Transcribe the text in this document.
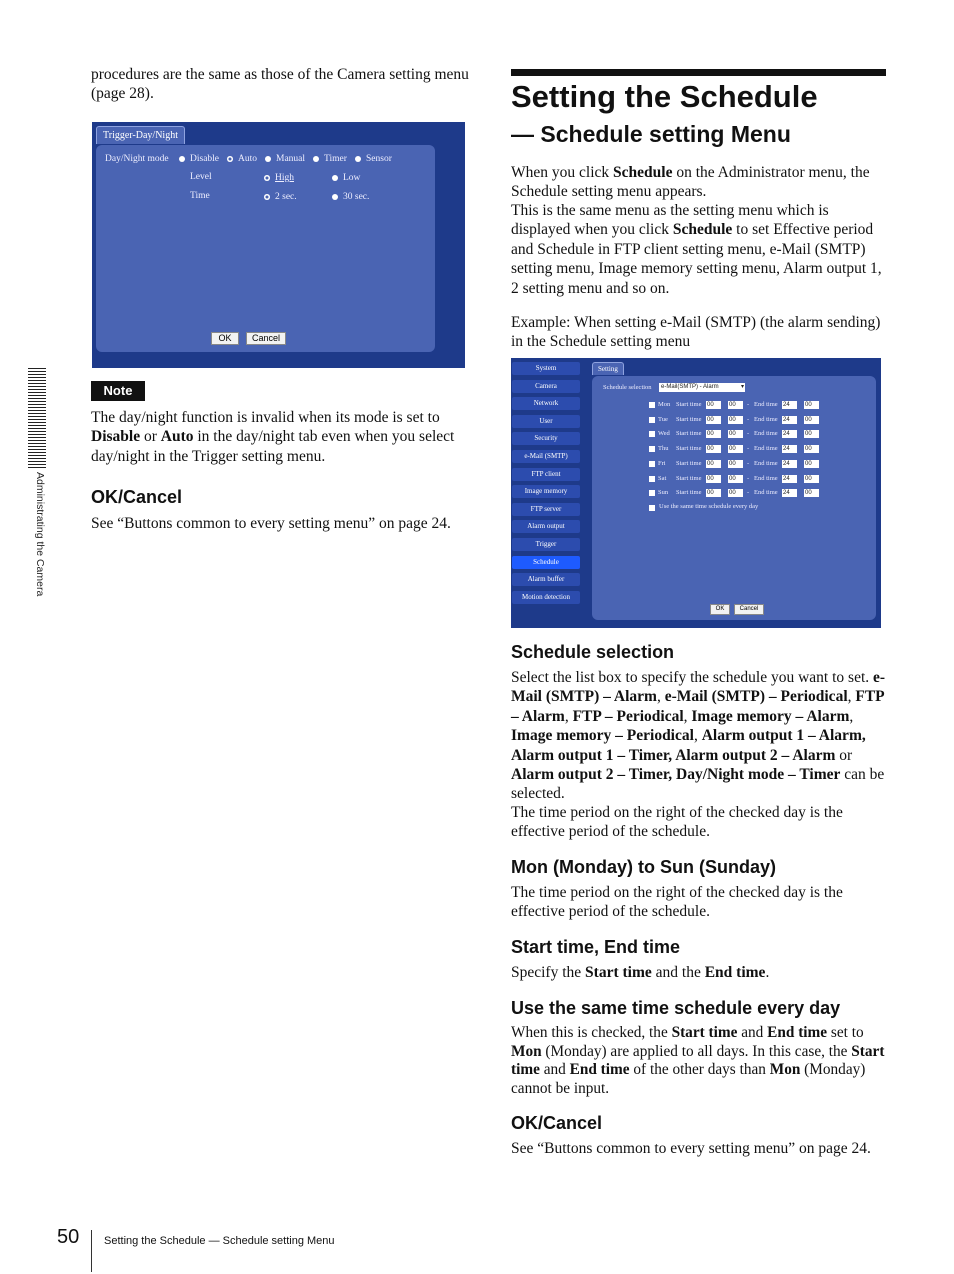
procedures are the same as those of the Camera setting menu (page 28).

Trigger-Day/Night
Day/Night mode	Disable	Auto	Manual	Timer	Sensor
Level	High	Low
Time	2 sec.	30 sec.
OK	Cancel
Note

The day/night function is invalid when its mode is set to Disable or Auto in the day/night tab even when you select day/night in the Trigger setting menu.

OK/Cancel

See “Buttons common to every setting menu” on page 24.

Administrating the Camera
Setting the Schedule
— Schedule setting Menu

When you click Schedule on the Administrator menu, the Schedule setting menu appears.

This is the same menu as the setting menu which is displayed when you click Schedule to set Effective period and Schedule in FTP client setting menu, e-Mail (SMTP) setting menu, Image memory setting menu, Alarm output 1, 2 setting menu and so on.

Example: When setting e-Mail (SMTP) (the alarm sending) in the Schedule setting menu

System
Camera
Network
User
Security
e-Mail (SMTP)
FTP client
Image memory
FTP server
Alarm output
Trigger
Schedule
Alarm buffer
Motion detection
Setting
Schedule selection	e-Mail(SMTP) - Alarm	▾
Mon Start time 00	00	- End time 24	00
Tue Start time 00	00	- End time 24	00
Wed Start time 00	00	- End time 24	00
Thu Start time 00	00	- End time 24	00
Fri Start time 00	00	- End time 24	00
Sat Start time 00	00	- End time 24	00
Sun Start time 00	00	- End time 24	00
Use the same time schedule every day
OK	Cancel
Schedule selection

Select the list box to specify the schedule you want to set. e-Mail (SMTP) – Alarm, e-Mail (SMTP) – Periodical, FTP – Alarm, FTP – Periodical, Image memory – Alarm, Image memory – Periodical, Alarm output 1 – Alarm, Alarm output 1 – Timer, Alarm output 2 – Alarm or Alarm output 2 – Timer, Day/Night mode – Timer can be selected.

The time period on the right of the checked day is the effective period of the schedule.

Mon (Monday) to Sun (Sunday)

The time period on the right of the checked day is the effective period of the schedule.

Start time, End time

Specify the Start time and the End time.

Use the same time schedule every day

When this is checked, the Start time and End time set to Mon (Monday) are applied to all days. In this case, the Start time and End time of the other days than Mon (Monday) cannot be input.

OK/Cancel

See “Buttons common to every setting menu” on page 24.

50 Setting the Schedule — Schedule setting Menu
